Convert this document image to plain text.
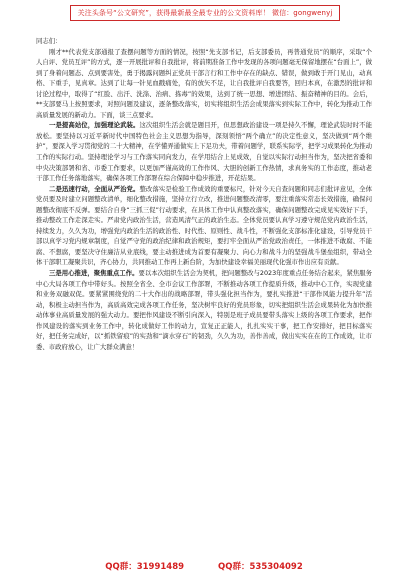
关注头条号“公文研究”，获得最新最全最专业的公文资料库！ 微信：gongwenyj

同志们：

刚才**代表党支部通报了查摆问题等方面的情况，按照“先支部书记，后支部委员，再普通党员”的顺序，采取“个人自评、党员互评”的方式，逐一开展批评和自我批评，将前期准备工作中发现的各项问题毫无保留地摆在“台面上”，做到了身着问题态、点到要害处，勇于揭露问题纠正党员干部言行和工作中存在的缺点、错误，做到敢于开门见山，动真格、下重手，见真章。达到了让每一针见血戳痛处，有的放矢不足，让自我批评自我要答，回归本真，在激烈的批评和讨论过程中，取得了“红脸、出汗、洗涤、治病、拣毒”的效果，达到了统一思想、增进团结、振奋精神的目的。会后，**支部要马上按照要求，对照问题及建议，逐条整改落实，切实将组织生活会成果落实到实际工作中，转化为推动工作高质量发展的新动力。下面，谈三点要求。

一是提高站位，加强理论武装。这次组织生活会就是题目开，但思想政治建设一项是持久不懈，理论武装时时不能放松。要坚持以习近平新时代中国特色社会主义思想为指导，深刻领悟“两个确立”的决定性意义，坚决做到“两个维护”，要深入学习贯彻党的二十大精神，在学懂弄通做实上下足功夫，带着问题学，联系实际学，把学习成果转化为推动工作的实际行动。坚持理论学习与工作落实同向发力，在学用结合上见成效，自觉以实际行动担当作为，坚决把省委和中央决策部署和省、市委工作要求，以更加严谨高效的工作作风、大胆的创新工作热情，求真务实的工作态度，推动老干部工作任务落地落实，确保各项工作部署在综合保障中稳步推进，开花结果。

二是迅速行动，全面从严治党。整改落实是检验工作成效的重要标尺，针对今天自查问题和同志们批评意见，全体党员要及时建立问题整改清单，细化整改措施，坚持立行立改，推进问题整改清零，要注重落实常态长效措施，确保问题整改彻底不反弹。要结合自身“三抓三促”行动要求，在具体工作中认真整改落实，确保问题整改完成见实效好下手，推动整改工作走深走实。严肃党内政治生活，营造风清气正的政治生态。全体党员要认真学习遵守规范党内政治生活，持续发力，久久为功，增强党内政治生活的政治性、时代性、原则性、战斗性，不断强化支部标准化建设，引导党员干部以真学习党内规章制度，自觉严守党的政治纪律和政治规矩，要打牢全面从严治党政治责任，一体推进不敢腐、不能腐、不想腐，要坚决守住廉洁从业底线，要主动推进成为首要有凝聚力、向心力和战斗力的坚强战斗堡垒组织，带动全体干部职工凝聚共识，齐心协力，共同推动工作再上新台阶，为加快建设幸福美丽现代化强市作出应有贡献。

三是用心推进，聚焦重点工作。要以本次组织生活会为契机，把问题整改与2023年度重点任务结合起来，紧焦服务中心大局各项工作中带好头。按照全省全、全市会议工作部署，不断推动各项工作提质升级，推动中心工作，实现党建和业务双融双促。要紧紧围绕党的二十大作出的战略部署，带头强化担当作为，要扎实推进“干部作风能力提升年”活动，积极主动担当作为，高质高效完成各项工作任务，坚决树牢良好的党员形象，切实把组织生活会成果转化为加快推动体事业高质量发展的强大动力。要把作风建设不断引向深入，特别是班子成员要带头落实上级的各项工作要求，把作作风建设的落实到业务工作中，转化成做好工作的动力，宣复正正能人，扎扎实实干事，把工作安排好，把目标落实好，把任务完成好，以“抓铁留痕”的实劲和“滴水穿石”的韧劲，久久为功，善作善成，做出实实在在的工作成效，让市委、市政府放心，让广大群众满意！

QQ群：31991489	QQ群：535304092
